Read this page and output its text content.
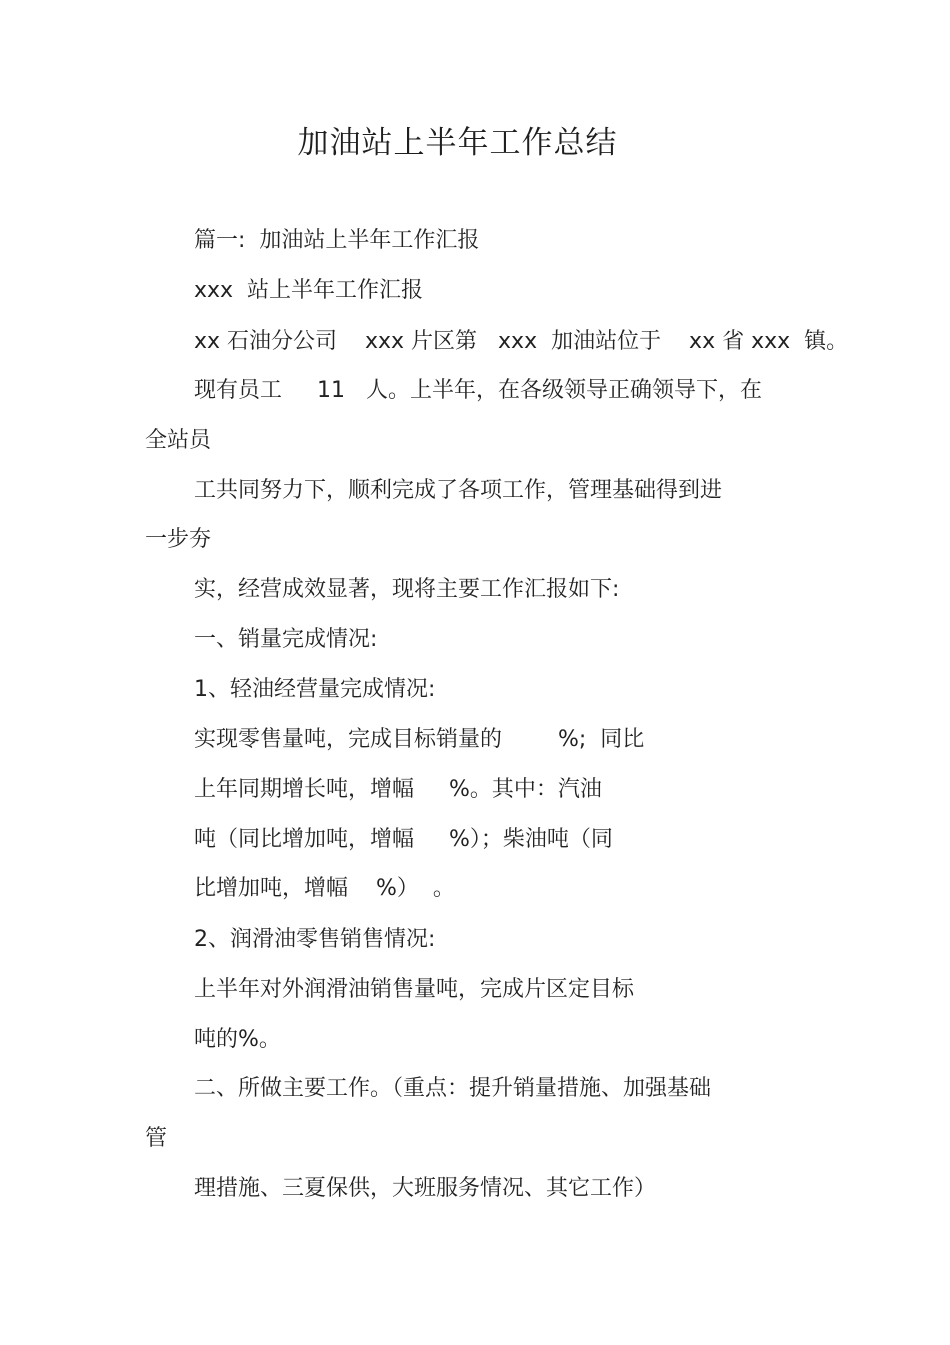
加油站上半年工作总结
篇一:  加油站上半年工作汇报
xxx  站上半年工作汇报
xx 石油分公司    xxx 片区第   xxx  加油站位于    xx 省 xxx  镇。
现有员工     11   人。上半年，在各级领导正确领导下，在
全站员
工共同努力下，顺利完成了各项工作，管理基础得到进
一步夯
实，经营成效显著，现将主要工作汇报如下:
一、销量完成情况:
1、轻油经营量完成情况:
实现零售量吨，完成目标销量的        %;  同比
上年同期增长吨，增幅     %。其中：汽油
吨（同比增加吨，增幅     %）；柴油吨（同
比增加吨，增幅    %）  。
2、润滑油零售销售情况:
上半年对外润滑油销售量吨，完成片区定目标
吨的%。
二、所做主要工作。（重点：提升销量措施、加强基础
管
理措施、三夏保供，大班服务情况、其它工作）
